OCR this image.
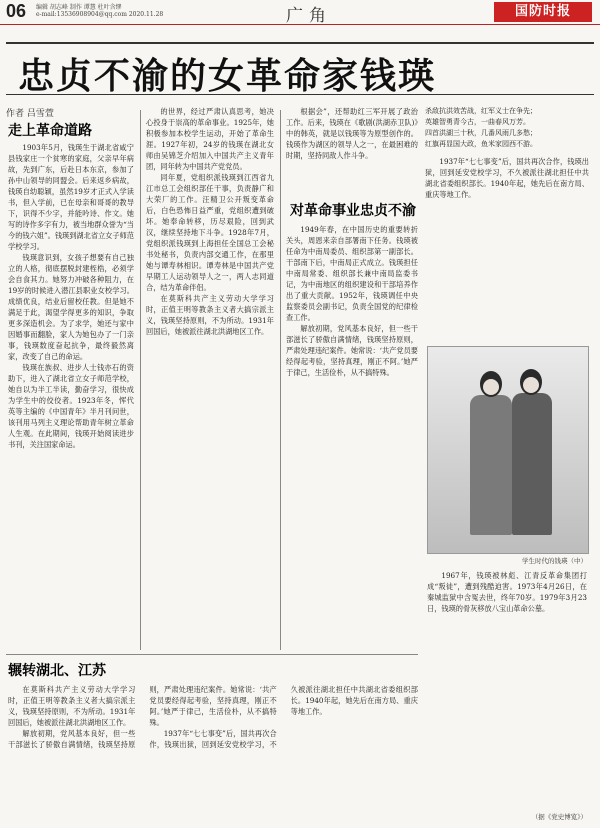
06 编辑 胡志峰 制作 谭慧 杜叶含缪
e-mail:13536908904@qq.com 2020.11.28	广角	国防时报
忠贞不渝的女革命家钱瑛
作者 吕雪萱
走上革命道路

1903年5月，钱瑛生于湖北省咸宁县钱家庄一个贫寒的家庭，父亲早年病故，先到广东，后赴日本东京，参加了孙中山领导的同盟会。后来返乡病故，钱瑛自幼聪颖，虽然19岁才正式入学读书，但入学前，已在母亲和哥哥的教导下，识得不少字，并能吟诗、作文。她写的诗作多字有力，被当地群众誉为“当今的钱六姐”。钱瑛到湖北省立女子师范学校学习。

钱瑛意识到，女孩子想要有自己独立的人格，彻底摆脱封建桎梏，必须学会自食其力。她努力冲破各种阻力，在19岁的时候进入潜江县职业女校学习。成绩优良，结业后留校任教。但是她不满足于此，渴望学得更多的知识，争取更多深造机会。为了求学，她还与家中因婚事而翻脸，家人为她包办了一门亲事，钱瑛数度奋起抗争，最终毅然离家，改变了自己的命运。

钱瑛在族叔、进步人士钱亦石的资助下，进入了湖北省立女子师范学校，她自以为半工半读，勤奋学习，很快成为学生中的佼佼者。1923年冬，恽代英等主编的《中国青年》半月刊问世，该刊用马列主义理论帮助青年树立革命人生观。在此期间，钱瑛开始阅读进步书刊，关注国家命运。

的世界，经过严肃认真思考，她决心投身于崇高的革命事业。1925年，她积极参加本校学生运动，开始了革命生涯。1927年初，24岁的钱瑛在湖北女师由吴锦芝介绍加入中国共产主义青年团，同年转为中国共产党党员。

同年夏，党组织派钱瑛到江西省九江市总工会组织部任干事，负责静广和大荣厂的工作。汪精卫公开叛变革命后，白色恐怖日益严重，党组织遭到破坏。她奉命转移，历尽艰险，回到武汉，继续坚持地下斗争。1928年7月，党组织派钱瑛到上海担任全国总工会秘书处秘书，负责内部交通工作，在那里她与谭寿林相识。谭寿林是中国共产党早期工人运动领导人之一，两人志同道合，结为革命伴侣。

在莫斯科共产主义劳动大学学习时，正值王明等教条主义者大搞宗派主义，钱瑛坚持原则，不为所动。1931年回国后，她被派往湖北洪湖地区工作。

根据会”，还帮助红三军开展了政治工作。后来，钱瑛在《歌剧(洪湖赤卫队)》中的韩英，就是以钱瑛等为原型创作的。钱瑛作为湖区的领导人之一，在最困难的时期，坚持同敌人作斗争。

杀敌抗洪效苦战，红军义士在争先；
英雄智勇青今古，一曲春风万芳。
四首洪湖三十秋，几番风雨几多愁；
红旗再显国大政，鱼米家园西不游。

1937年“七七事变”后，国共再次合作，钱瑛出狱，回到延安党校学习，不久被派往湖北担任中共湖北省委组织部长。1940年起，她先后在南方局、重庆等地工作。

对革命事业忠贞不渝

1949年春，在中国历史的重要转折关头，周恩来亲自部署南下任务。钱瑛被任命为中南局委员、组织部第一副部长。干部南下后，中南局正式成立。钱瑛担任中南局常委、组织部长兼中南局监委书记，为中南地区的组织建设和干部培养作出了重大贡献。1952年，钱瑛调任中央监察委员会副书记，负责全国党的纪律检查工作。

解放初期，党风基本良好，但一些干部滋长了骄傲自满情绪，钱瑛坚持原则，严肃处理违纪案件。她常说：‘共产党员要经得起考验，坚持真理，刚正不阿。’她严于律己，生活俭朴，从不搞特殊。

学生时代的钱瑛（中）

1967年，钱瑛被林彪、江青反革命集团打成“叛徒”，遭到残酷迫害。1973年4月26日，在秦城监狱中含冤去世，终年70岁。1979年3月23日，钱瑛的骨灰移放八宝山革命公墓。

（据《党史博览》）
辗转湖北、江苏

在莫斯科共产主义劳动大学学习时，正值王明等教条主义者大搞宗派主义，钱瑛坚持原则，不为所动。1931年回国后，她被派往湖北洪湖地区工作。

解放初期，党风基本良好，但一些干部滋长了骄傲自满情绪，钱瑛坚持原则，严肃处理违纪案件。她常说：‘共产党员要经得起考验，坚持真理，刚正不阿。’她严于律己，生活俭朴，从不搞特殊。

1937年“七七事变”后，国共再次合作，钱瑛出狱，回到延安党校学习，不久被派往湖北担任中共湖北省委组织部长。1940年起，她先后在南方局、重庆等地工作。
